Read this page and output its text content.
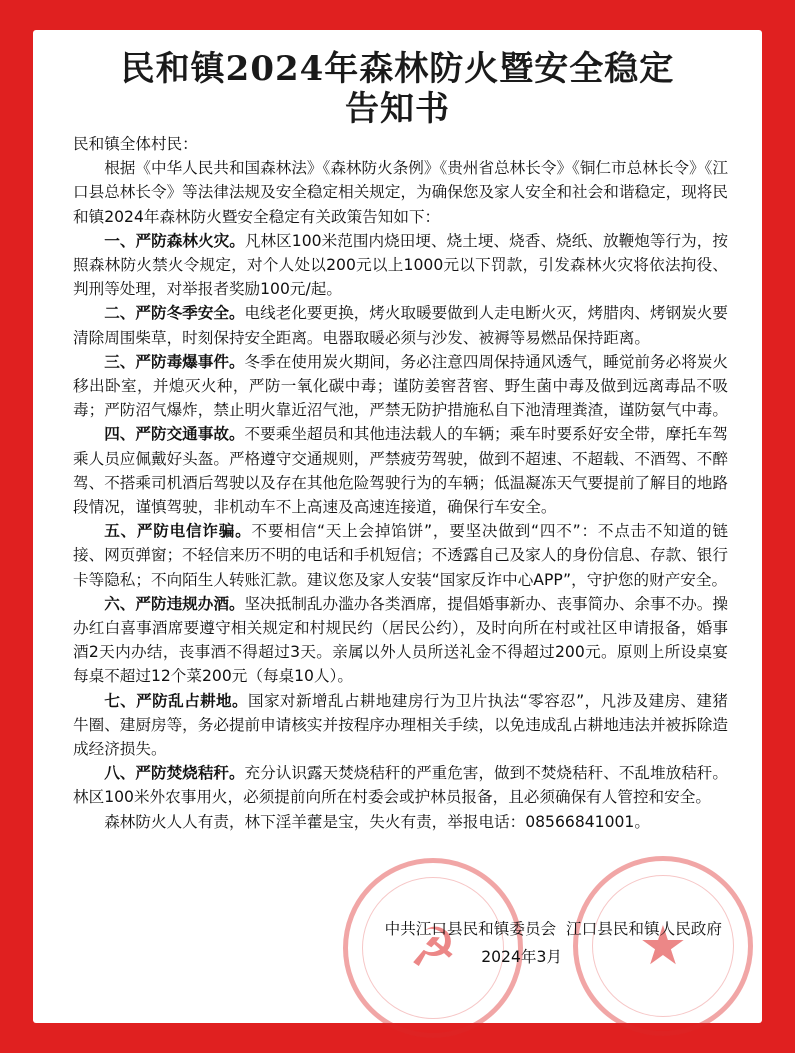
民和镇2024年森林防火暨安全稳定
告知书

民和镇全体村民：

根据《中华人民共和国森林法》《森林防火条例》《贵州省总林长令》《铜仁市总林长令》《江口县总林长令》等法律法规及安全稳定相关规定，为确保您及家人安全和社会和谐稳定，现将民和镇2024年森林防火暨安全稳定有关政策告知如下：

一、严防森林火灾。凡林区100米范围内烧田埂、烧土埂、烧香、烧纸、放鞭炮等行为，按照森林防火禁火令规定，对个人处以200元以上1000元以下罚款，引发森林火灾将依法拘役、判刑等处理，对举报者奖励100元/起。

二、严防冬季安全。电线老化要更换，烤火取暖要做到人走电断火灭，烤腊肉、烤钢炭火要清除周围柴草，时刻保持安全距离。电器取暖必须与沙发、被褥等易燃品保持距离。

三、严防毒爆事件。冬季在使用炭火期间，务必注意四周保持通风透气，睡觉前务必将炭火移出卧室，并熄灭火种，严防一氧化碳中毒；谨防姜窖苕窖、野生菌中毒及做到远离毒品不吸毒；严防沼气爆炸，禁止明火靠近沼气池，严禁无防护措施私自下池清理粪渣，谨防氨气中毒。

四、严防交通事故。不要乘坐超员和其他违法载人的车辆；乘车时要系好安全带，摩托车驾乘人员应佩戴好头盔。严格遵守交通规则，严禁疲劳驾驶，做到不超速、不超载、不酒驾、不醉驾、不搭乘司机酒后驾驶以及存在其他危险驾驶行为的车辆；低温凝冻天气要提前了解目的地路段情况，谨慎驾驶，非机动车不上高速及高速连接道，确保行车安全。

五、严防电信诈骗。不要相信“天上会掉馅饼”，要坚决做到“四不”：不点击不知道的链接、网页弹窗；不轻信来历不明的电话和手机短信；不透露自己及家人的身份信息、存款、银行卡等隐私；不向陌生人转账汇款。建议您及家人安装“国家反诈中心APP”，守护您的财产安全。

六、严防违规办酒。坚决抵制乱办滥办各类酒席，提倡婚事新办、丧事简办、余事不办。操办红白喜事酒席要遵守相关规定和村规民约（居民公约），及时向所在村或社区申请报备，婚事酒2天内办结，丧事酒不得超过3天。亲属以外人员所送礼金不得超过200元。原则上所设桌宴每桌不超过12个菜200元（每桌10人）。

七、严防乱占耕地。国家对新增乱占耕地建房行为卫片执法“零容忍”，凡涉及建房、建猪牛圈、建厨房等，务必提前申请核实并按程序办理相关手续，以免违成乱占耕地违法并被拆除造成经济损失。

八、严防焚烧秸秆。充分认识露天焚烧秸秆的严重危害，做到不焚烧秸秆、不乱堆放秸秆。林区100米外农事用火，必须提前向所在村委会或护林员报备，且必须确保有人管控和安全。

森林防火人人有责，林下淫羊藿是宝，失火有责，举报电话：08566841001。

☭	★
中共江口县民和镇委员会  江口县民和镇人民政府
2024年3月
